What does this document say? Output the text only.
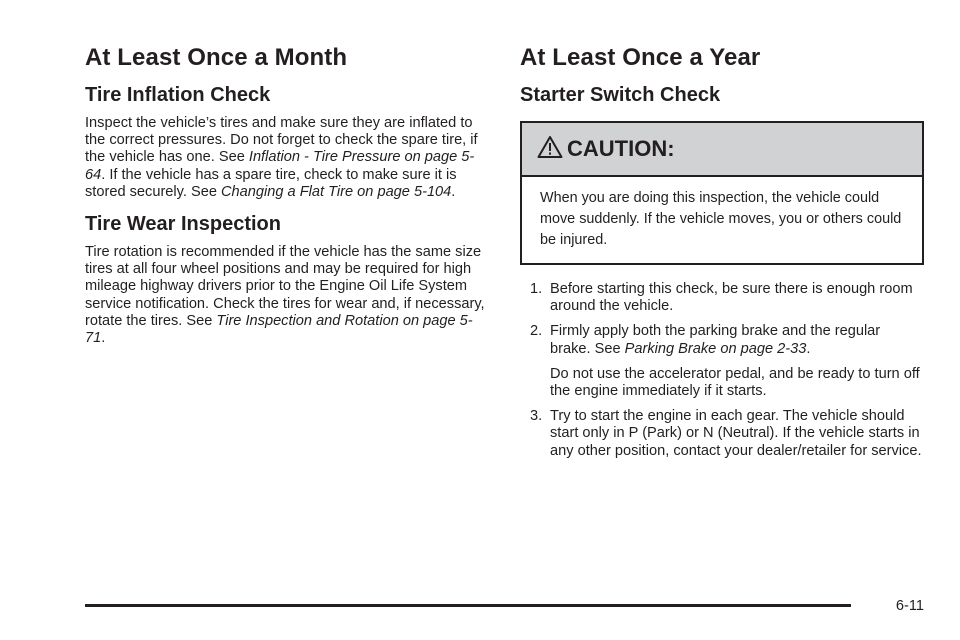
At Least Once a Month
Tire Inflation Check

Inspect the vehicle’s tires and make sure they are inflated to the correct pressures. Do not forget to check the spare tire, if the vehicle has one. See Inflation - Tire Pressure on page 5-64. If the vehicle has a spare tire, check to make sure it is stored securely. See Changing a Flat Tire on page 5-104.

Tire Wear Inspection

Tire rotation is recommended if the vehicle has the same size tires at all four wheel positions and may be required for high mileage highway drivers prior to the Engine Oil Life System service notification. Check the tires for wear and, if necessary, rotate the tires. See Tire Inspection and Rotation on page 5-71.

At Least Once a Year
Starter Switch Check
CAUTION:
When you are doing this inspection, the vehicle could move suddenly. If the vehicle moves, you or others could be injured.
1. Before starting this check, be sure there is enough room around the vehicle.
2. Firmly apply both the parking brake and the regular brake. See Parking Brake on page 2-33.
Do not use the accelerator pedal, and be ready to turn off the engine immediately if it starts.
3. Try to start the engine in each gear. The vehicle should start only in P (Park) or N (Neutral). If the vehicle starts in any other position, contact your dealer/retailer for service.
6-11
